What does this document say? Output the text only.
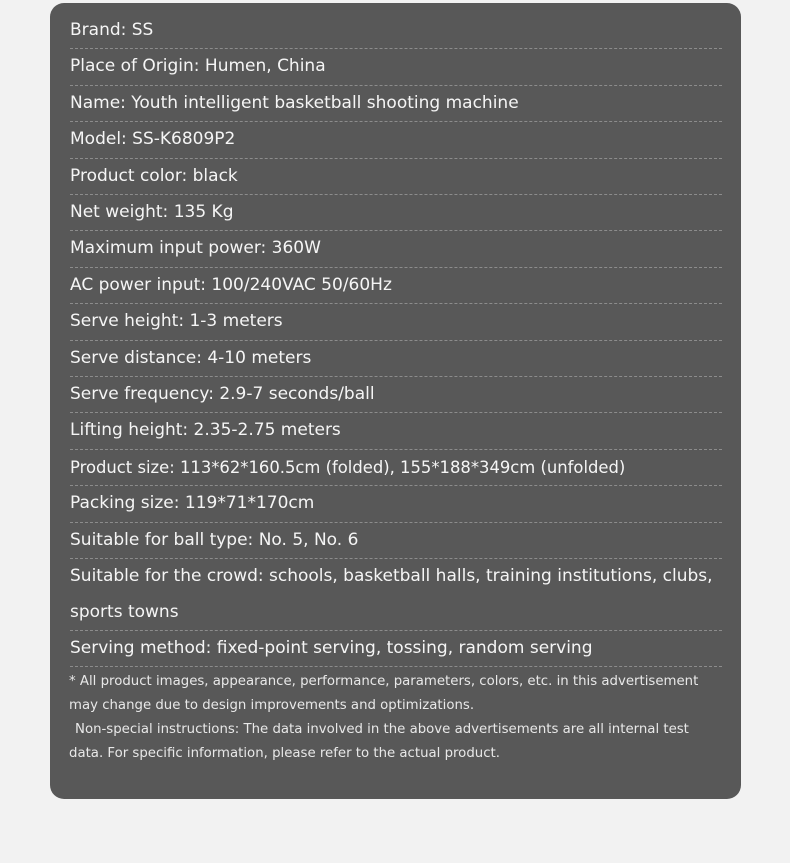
Brand: SS
Place of Origin: Humen, China
Name: Youth intelligent basketball shooting machine
Model: SS-K6809P2
Product color: black
Net weight: 135 Kg
Maximum input power: 360W
AC power input: 100/240VAC 50/60Hz
Serve height: 1-3 meters
Serve distance: 4-10 meters
Serve frequency: 2.9-7 seconds/ball
Lifting height: 2.35-2.75 meters
Product size: 113*62*160.5cm (folded), 155*188*349cm (unfolded)
Packing size: 119*71*170cm
Suitable for ball type: No. 5, No. 6
Suitable for the crowd: schools, basketball halls, training institutions, clubs, sports towns
Serving method: fixed-point serving, tossing, random serving

* All product images, appearance, performance, parameters, colors, etc. in this advertisement may change due to design improvements and optimizations.

Non-special instructions: The data involved in the above advertisements are all internal test data. For specific information, please refer to the actual product.
